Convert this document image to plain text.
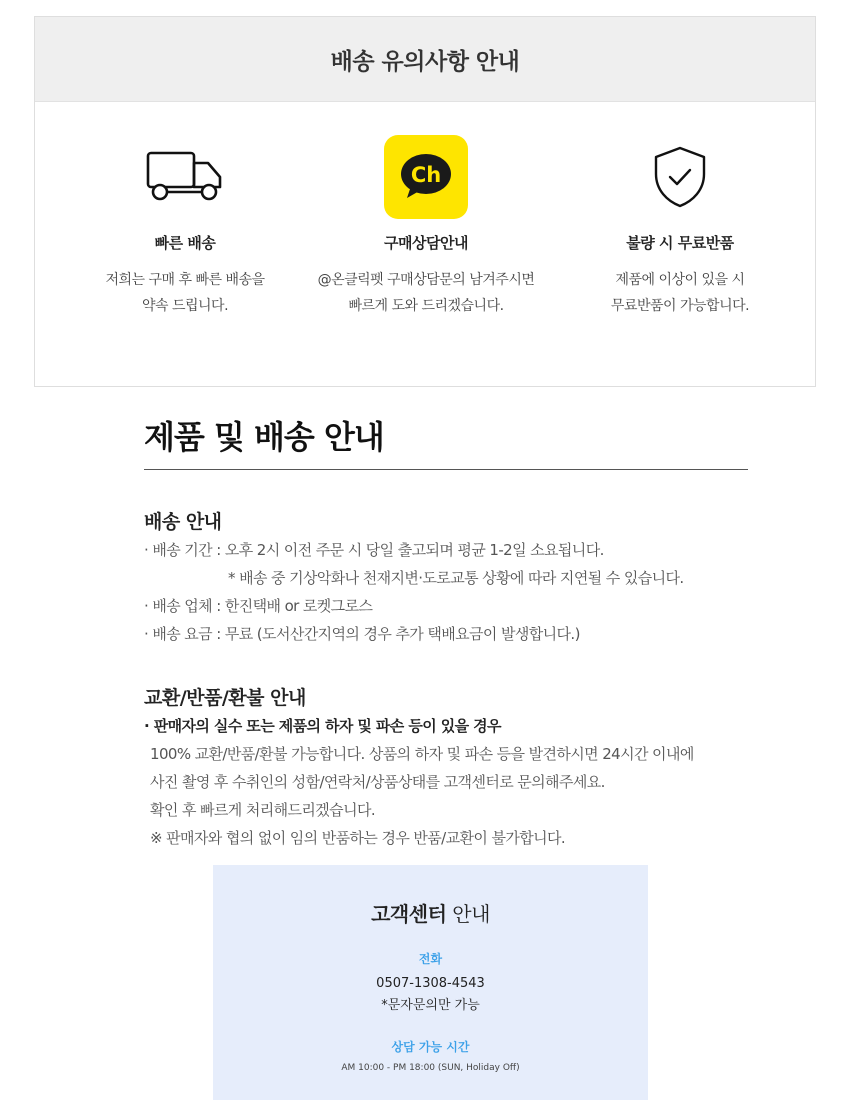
배송 유의사항 안내
빠른 배송
저희는 구매 후 빠른 배송을
약속 드립니다.
Ch
구매상담안내
@온클릭펫 구매상담문의 남겨주시면
빠르게 도와 드리겠습니다.
불량 시 무료반품
제품에 이상이 있을 시
무료반품이 가능합니다.
제품 및 배송 안내
배송 안내
· 배송 기간 : 오후 2시 이전 주문 시 당일 출고되며 평균 1-2일 소요됩니다.
* 배송 중 기상악화나 천재지변·도로교통 상황에 따라 지연될 수 있습니다.
· 배송 업체 : 한진택배 or 로켓그로스
· 배송 요금 : 무료 (도서산간지역의 경우 추가 택배요금이 발생합니다.)
교환/반품/환불 안내
· 판매자의 실수 또는 제품의 하자 및 파손 등이 있을 경우
100% 교환/반품/환불 가능합니다. 상품의 하자 및 파손 등을 발견하시면 24시간 이내에
사진 촬영 후 수취인의 성함/연락처/상품상태를 고객센터로 문의해주세요.
확인 후 빠르게 처리해드리겠습니다.
※ 판매자와 협의 없이 임의 반품하는 경우 반품/교환이 불가합니다.
고객센터 안내
전화
0507-1308-4543
*문자문의만 가능
상담 가능 시간
AM 10:00 - PM 18:00 (SUN, Holiday Off)
